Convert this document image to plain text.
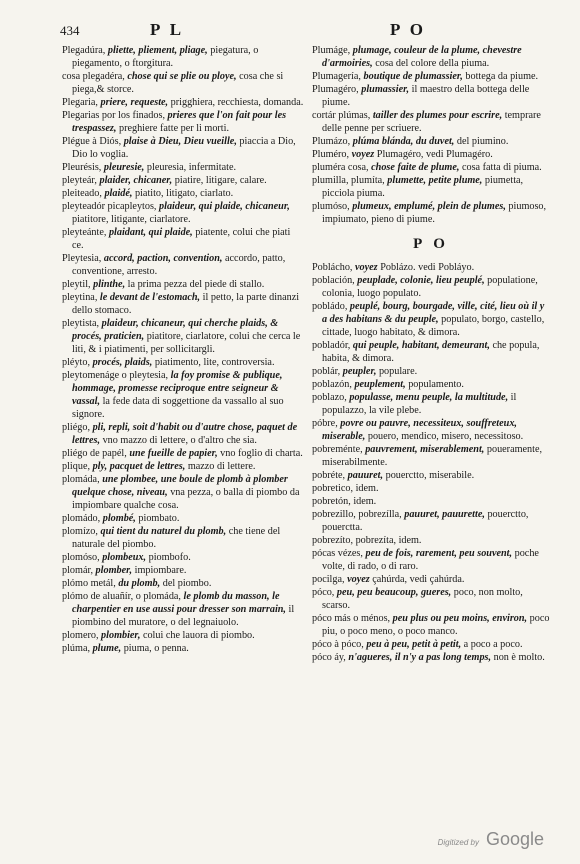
434	P L	P O

Plegadúra, pliette, pliement, pliage, piegatura, o piegamento, o ftorgitura.

cosa plegadéra, chose qui se plie ou ploye, cosa che si piega,& storce.

Plegaria, priere, requeste, prigghiera, recchiesta, domanda.

Plegarias por los finados, prieres que l'on fait pour les trespassez, preghiere fatte per li morti.

Plégue à Diós, plaise à Dieu, Dieu vueille, piaccia a Dio, Dio lo voglia.

Pleurésis, pleuresie, pleuresia, infermitate.

pleyteár, plaider, chicaner, piatire, litigare, calare.

pleiteado, plaidé, piatito, litigato, ciarlato.

pleyteadór picapleytos, plaideur, qui plaide, chicaneur, piatitore, litigante, ciarlatore.

pleyteánte, plaidant, qui plaide, piatente, colui che piati ce.

Pleytesia, accord, paction, convention, accordo, patto, conventione, arresto.

pleytil, plinthe, la prima pezza del piede di stallo.

pleytina, le devant de l'estomach, il petto, la parte dinanzi dello stomaco.

pleytista, plaideur, chicaneur, qui cherche plaids, & procés, praticien, piatitore, ciarlatore, colui che cerca le liti, & i piatimenti, per sollicitargli.

pléyto, procés, plaids, piatimento, lite, controversia.

pleytomenáge o pleytesia, la foy promise & publique, hommage, promesse reciproque entre seigneur & vassal, la fede data di soggettione da vassallo al suo signore.

pliégo, pli, repli, soit d'habit ou d'autre chose, paquet de lettres, vno mazzo di lettere, o d'altro che sia.

pliégo de papél, une fueille de papier, vno foglio di charta.

plique, ply, pacquet de lettres, mazzo di lettere.

plomáda, une plombee, une boule de plomb à plomber quelque chose, niveau, vna pezza, o balla di piombo da impiombare qualche cosa.

plomádo, plombé, piombato.

plomízo, qui tient du naturel du plomb, che tiene del naturale del piombo.

plomóso, plombeux, piombofo.

plomár, plomber, impiombare.

plómo metál, du plomb, del piombo.

plómo de aluañír, o plomáda, le plomb du masson, le charpentier en use aussi pour dresser son marrain, il piombino del muratore, o del legnaiuolo.

plomero, plombier, colui che lauora di piombo.

plúma, plume, piuma, o penna.

Plumáge, plumage, couleur de la plume, chevestre d'armoiries, cosa del colore della piuma.

Plumagería, boutique de plumassier, bottega da piume.

Plumagéro, plumassier, il maestro della bottega delle piume.

cortár plúmas, tailler des plumes pour escrire, temprare delle penne per scriuere.

Plumázo, plúma blánda, du duvet, del piumino.

Pluméro, voyez Plumagéro, vedi Plumagéro.

pluméra cosa, chose faite de plume, cosa fatta di piuma.

plumilla, plumíta, plumette, petite plume, piumetta, picciola piuma.

plumóso, plumeux, emplumé, plein de plumes, piumoso, impiumato, pieno di piume.

P O

Poblácho, voyez Poblázo. vedi Pobláyo.

población, peuplade, colonie, lieu peuplé, populatione, colonia, luogo populato.

pobládo, peuplé, bourg, bourgade, ville, cité, lieu où il y a des habitans & du peuple, populato, borgo, castello, cittade, luogo habitato, & dimora.

pobladór, qui peuple, habitant, demeurant, che popula, habita, & dimora.

poblár, peupler, populare.

poblazón, peuplement, populamento.

poblazo, populasse, menu peuple, la multitude, il populazzo, la vile plebe.

póbre, povre ou pauvre, necessiteux, souffreteux, miserable, pouero, mendico, misero, necessitoso.

pobreménte, pauvrement, miserablement, poueramente, miserabilmente.

pobréte, pauuret, pouerctto, miserabile.

pobretico, idem.

pobretón, idem.

pobrezillo, pobrezílla, pauuret, pauurette, pouerctto, pouerctta.

pobrezíto, pobrezíta, idem.

pócas vézes, peu de fois, rarement, peu souvent, poche volte, di rado, o di raro.

pocilga, voyez çahúrda, vedi çahúrda.

póco, peu, peu beaucoup, gueres, poco, non molto, scarso.

póco más o ménos, peu plus ou peu moins, environ, poco piu, o poco meno, o poco manco.

póco à póco, peu à peu, petit à petit, a poco a poco.

póco áy, n'agueres, il n'y a pas long temps, non è molto.

Digitized by Google
